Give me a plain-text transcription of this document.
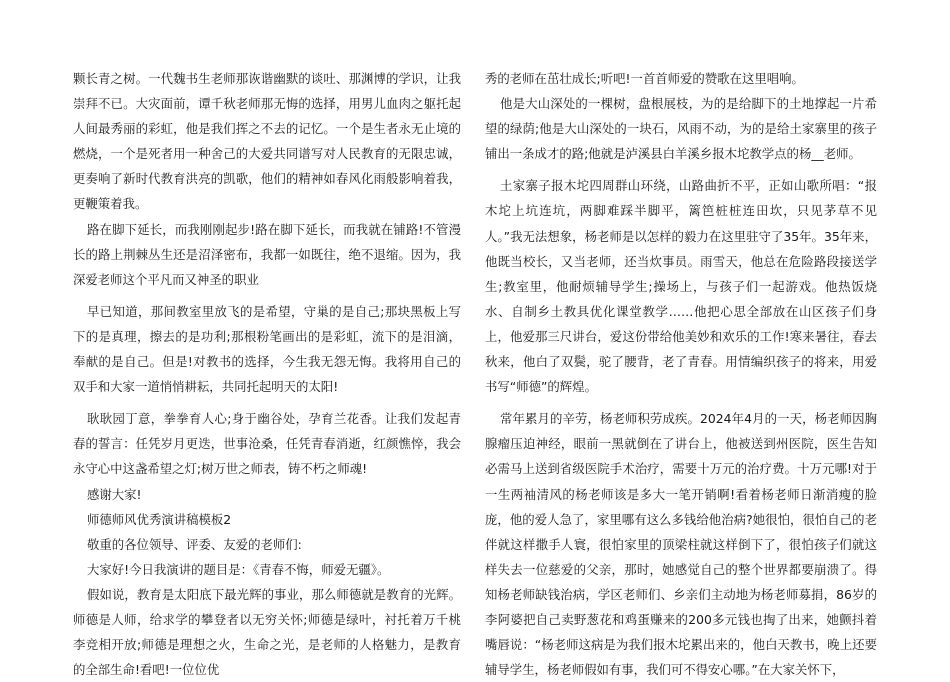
颗长青之树。一代魏书生老师那诙谐幽默的谈吐、那渊博的学识，让我崇拜不已。大灾面前，谭千秋老师那无悔的选择，用男儿血肉之躯托起人间最秀丽的彩虹，他是我们挥之不去的记忆。一个是生者永无止境的燃烧，一个是死者用一种舍己的大爱共同谱写对人民教育的无限忠诚，更奏响了新时代教育洪亮的凯歌，他们的精神如春风化雨般影响着我，更鞭策着我。

路在脚下延长，而我刚刚起步!路在脚下延长，而我就在铺路!不管漫长的路上荆棘丛生还是沼泽密布，我都一如既往，绝不退缩。因为，我深爱老师这个平凡而又神圣的职业

早已知道，那间教室里放飞的是希望，守巢的是自己;那块黑板上写下的是真理，擦去的是功利;那根粉笔画出的是彩虹，流下的是泪滴，奉献的是自己。但是!对教书的选择，今生我无怨无悔。我将用自己的双手和大家一道悄悄耕耘，共同托起明天的太阳!

耿耿园丁意，拳拳育人心;身于幽谷处，孕育兰花香。让我们发起青春的誓言：任凭岁月更迭，世事沧桑，任凭青春消逝，红颜憔悴，我会永守心中这盏希望之灯;树万世之师表，铸不朽之师魂!

感谢大家!

师德师风优秀演讲稿模板2

敬重的各位领导、评委、友爱的老师们:

大家好!今日我演讲的题目是：《青春不悔，师爱无疆》。

假如说，教育是太阳底下最光辉的事业，那么师德就是教育的光辉。师德是人师，给求学的攀登者以无穷关怀;师德是绿叶，衬托着万千桃李竞相开放;师德是理想之火，生命之光，是老师的人格魅力，是教育的全部生命!看吧!一位位优

秀的老师在茁壮成长;听吧!一首首师爱的赞歌在这里唱响。

他是大山深处的一棵树，盘根展枝，为的是给脚下的土地撑起一片希望的绿荫;他是大山深处的一块石，风雨不动，为的是给土家寨里的孩子铺出一条成才的路;他就是泸溪县白羊溪乡报木坨教学点的杨__老师。

土家寨子报木坨四周群山环绕，山路曲折不平，正如山歌所唱：“报木坨上坑连坑，两脚难踩半脚平，篱笆桩桩连田坎，只见茅草不见人。”我无法想象，杨老师是以怎样的毅力在这里驻守了35年。35年来，他既当校长，又当老师，还当炊事员。雨雪天，他总在危险路段接送学生;教室里，他耐烦辅导学生;操场上，与孩子们一起游戏。他热饭烧水、自制乡土教具优化课堂教学……他把心思全部放在山区孩子们身上，他爱那三尺讲台，爱这份带给他美妙和欢乐的工作!寒来暑往，春去秋来，他白了双鬓，驼了腰背，老了青春。用情编织孩子的将来，用爱书写“师德”的辉煌。

常年累月的辛劳，杨老师积劳成疾。2024年4月的一天，杨老师因胸腺瘤压迫神经，眼前一黑就倒在了讲台上，他被送到州医院，医生告知必需马上送到省级医院手术治疗，需要十万元的治疗费。十万元哪!对于一生两袖清风的杨老师该是多大一笔开销啊!看着杨老师日渐消瘦的脸庞，他的爱人急了，家里哪有这么多钱给他治病?她很怕，很怕自己的老伴就这样撒手人寰，很怕家里的顶梁柱就这样倒下了，很怕孩子们就这样失去一位慈爱的父亲，那时，她感觉自己的整个世界都要崩溃了。得知杨老师缺钱治病，学区老师们、乡亲们主动地为杨老师募捐，86岁的李阿婆把自己卖野葱花和鸡蛋赚来的200多元钱也掏了出来，她颤抖着嘴唇说：“杨老师这病是为我们报木坨累出来的，他白天教书，晚上还要辅导学生，杨老师假如有事，我们可不得安心哪。”在大家关怀下，
